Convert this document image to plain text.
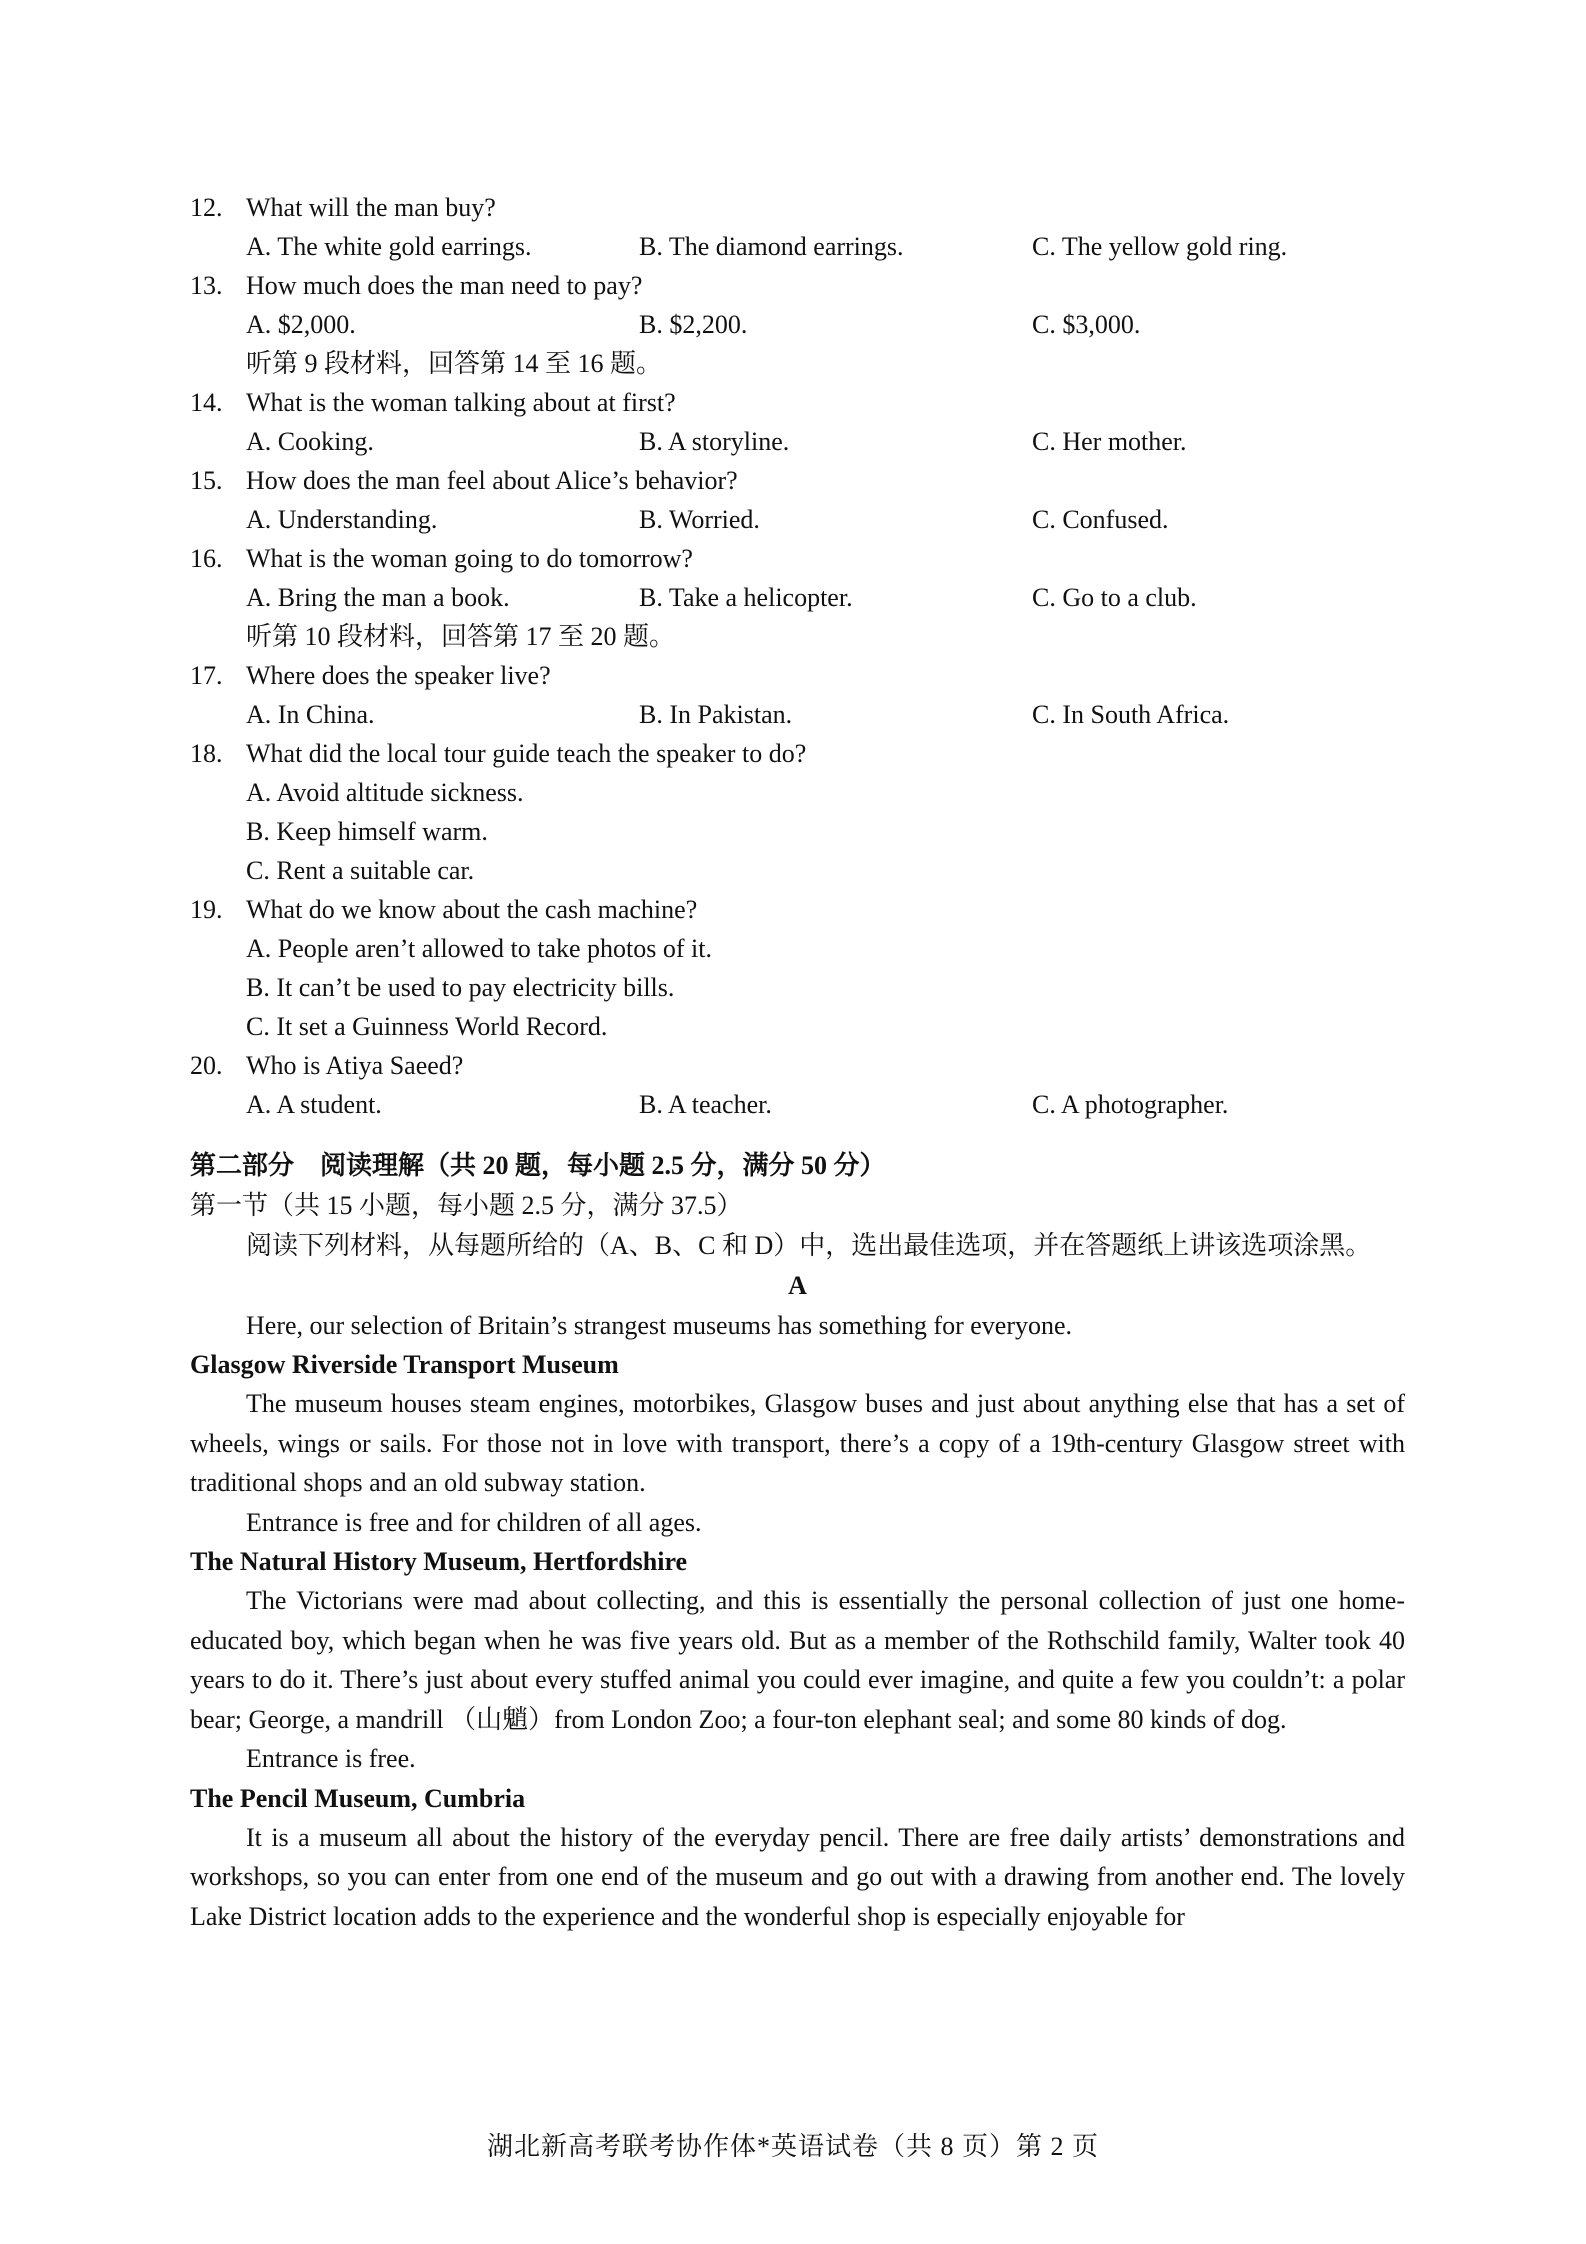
12. What will the man buy?
A. The white gold earrings.	B. The diamond earrings.	C. The yellow gold ring.
13. How much does the man need to pay?
A. $2,000.	B. $2,200.	C. $3,000.
听第 9 段材料，回答第 14 至 16 题。
14. What is the woman talking about at first?
A. Cooking.	B. A storyline.	C. Her mother.
15. How does the man feel about Alice’s behavior?
A. Understanding.	B. Worried.	C. Confused.
16. What is the woman going to do tomorrow?
A. Bring the man a book.	B. Take a helicopter.	C. Go to a club.
听第 10 段材料，回答第 17 至 20 题。
17. Where does the speaker live?
A. In China.	B. In Pakistan.	C. In South Africa.
18. What did the local tour guide teach the speaker to do?
A. Avoid altitude sickness.
B. Keep himself warm.
C. Rent a suitable car.
19. What do we know about the cash machine?
A. People aren’t allowed to take photos of it.
B. It can’t be used to pay electricity bills.
C. It set a Guinness World Record.
20. Who is Atiya Saeed?
A. A student.	B. A teacher.	C. A photographer.
第二部分　阅读理解（共 20 题，每小题 2.5 分，满分 50 分）
第一节（共 15 小题，每小题 2.5 分，满分 37.5）

阅读下列材料，从每题所给的（A、B、C 和 D）中，选出最佳选项，并在答题纸上讲该选项涂黑。

A

Here, our selection of Britain’s strangest museums has something for everyone.

Glasgow Riverside Transport Museum

The museum houses steam engines, motorbikes, Glasgow buses and just about anything else that has a set of wheels, wings or sails. For those not in love with transport, there’s a copy of a 19th-century Glasgow street with traditional shops and an old subway station.

Entrance is free and for children of all ages.

The Natural History Museum, Hertfordshire

The Victorians were mad about collecting, and this is essentially the personal collection of just one home-educated boy, which began when he was five years old. But as a member of the Rothschild family, Walter took 40 years to do it. There’s just about every stuffed animal you could ever imagine, and quite a few you couldn’t: a polar bear; George, a mandrill （山魈）from London Zoo; a four-ton elephant seal; and some 80 kinds of dog.

Entrance is free.

The Pencil Museum, Cumbria

It is a museum all about the history of the everyday pencil. There are free daily artists’ demonstrations and workshops, so you can enter from one end of the museum and go out with a drawing from another end. The lovely Lake District location adds to the experience and the wonderful shop is especially enjoyable for

湖北新高考联考协作体*英语试卷（共 8 页）第 2 页
